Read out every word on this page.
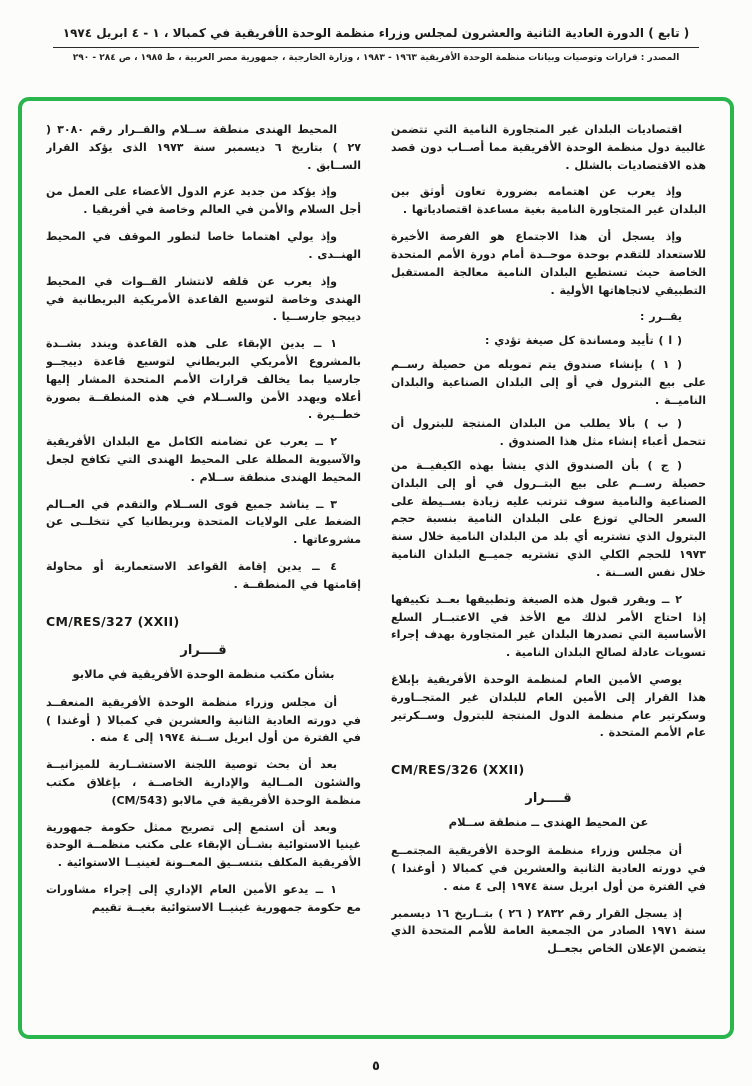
( تابع ) الدورة العادية الثانية والعشرون لمجلس وزراء منظمة الوحدة الأفريقية في كمبالا ، ١ - ٤ ابريل ١٩٧٤
المصدر : قرارات وتوصيات وبيانات منظمة الوحدة الأفريقية ١٩٦٣ - ١٩٨٣ ، وزارة الخارجية ، جمهورية مصر العربية ، ط ١٩٨٥ ، ص ٢٨٤ - ٢٩٠

اقتصاديات البلدان غير المتجاورة النامية التي تتضمن غالبية دول منظمة الوحدة الأفريقية مما أصــاب دون قصد هذه الاقتصاديات بالشلل .

وإذ يعرب عن اهتمامه بضرورة تعاون أوثق بين البلدان غير المتجاورة النامية بغية مساعدة اقتصادياتها .

وإذ يسجل أن هذا الاجتماع هو الفرصة الأخيرة للاستعداد للتقدم بوحدة موحــدة أمام دورة الأمم المتحدة الخاصة حيث تستطيع البلدان النامية معالجة المستقبل التطبيقي لاتجاهاتها الأولية .

يقــرر :

( ا ) تأييد ومساندة كل صيغة تؤدي :

( ١ ) بإنشاء صندوق يتم تمويله من حصيلة رســم على بيع البترول في أو إلى البلدان الصناعية والبلدان الناميــة .

( ب ) بألا يطلب من البلدان المنتجة للبترول أن تتحمل أعباء إنشاء مثل هذا الصندوق .

( ج ) بأن الصندوق الذي ينشأ بهذه الكيفيــة من حصيلة رســم على بيع البتــرول في أو إلى البلدان الصناعية والنامية سوف تترتب عليه زيادة بســيطة على السعر الحالي توزع على البلدان النامية بنسبة حجم البترول الذي تشتريه أي بلد من البلدان النامية خلال سنة ١٩٧٣ للحجم الكلي الذي تشتريه جميــع البلدان النامية خلال نفس الســنة .

٢ ــ ويقرر قبول هذه الصيغة وتطبيقها بعــد تكييفها إذا احتاج الأمر لذلك مع الأخذ في الاعتبــار السلع الأساسية التي تصدرها البلدان غير المتجاورة بهدف إجراء تسويات عادلة لصالح البلدان النامية .

يوصي الأمين العام لمنظمة الوحدة الأفريقية بإبلاغ هذا القرار إلى الأمين العام للبلدان غير المتجــاورة وسكرتير عام منظمة الدول المنتجة للبترول وســكرتير عام الأمم المتحدة .

CM/RES/326 (XXII)
قــــرار
عن المحيط الهندى ــ منطقة ســلام

أن مجلس وزراء منظمة الوحدة الأفريقية المجتمــع في دورته العادية الثانية والعشرين في كمبالا ( أوغندا ) في الفترة من أول ابريل سنة ١٩٧٤ إلى ٤ منه .

إذ يسجل القرار رقم ٢٨٣٢ ( ٢٦ ) بتــاريخ ١٦ ديسمبر سنة ١٩٧١ الصادر من الجمعية العامة للأمم المتحدة الذي يتضمن الإعلان الخاص بجعــل

المحيط الهندى منطقة ســلام والقــرار رقم ٣٠٨٠ ( ٢٧ ) بتاريخ ٦ ديسمبر سنة ١٩٧٣ الذى يؤكد القرار الســابق .

وإذ يؤكد من جديد عزم الدول الأعضاء على العمل من أجل السلام والأمن في العالم وخاصة في أفريقيا .

وإذ يولي اهتماما خاصا لتطور الموقف في المحيط الهنــدى .

وإذ يعرب عن قلقه لانتشار القــوات في المحيط الهندى وخاصة لتوسيع القاعدة الأمريكية البريطانية في دييجو جارســيا .

١ ــ يدين الإبقاء على هذه القاعدة ويندد بشــدة بالمشروع الأمريكي البريطاني لتوسيع قاعدة دييجــو جارسيا بما يخالف قرارات الأمم المتحدة المشار إليها أعلاه ويهدد الأمن والســلام في هذه المنطقــة بصورة خطــيرة .

٢ ــ يعرب عن تضامنه الكامل مع البلدان الأفريقية والآسيوية المطلة على المحيط الهندى التي تكافح لجعل المحيط الهندى منطقة ســلام .

٣ ــ يناشد جميع قوى الســلام والتقدم في العــالم الضغط على الولايات المتحدة وبريطانيا كي تتخلــى عن مشروعاتها .

٤ ــ يدين إقامة القواعد الاستعمارية أو محاولة إقامتها في المنطقــة .

CM/RES/327 (XXII)
قــــرار
بشأن مكتب منظمة الوحدة الأفريقية في مالابو

أن مجلس وزراء منظمة الوحدة الأفريقية المنعقــد في دورته العادية الثانية والعشرين في كمبالا ( أوغندا ) في الفترة من أول ابريل ســنة ١٩٧٤ إلى ٤ منه .

بعد أن بحث توصية اللجنة الاستشــارية للميزانيــة والشئون المــالية والإدارية الخاصــة ، بإغلاق مكتب منظمة الوحدة الأفريقية في مالابو (CM/543)

وبعد أن استمع إلى تصريح ممثل حكومة جمهورية غينيا الاستوائية بشــأن الإبقاء على مكتب منظمــة الوحدة الأفريقية المكلف بتنســيق المعــونة لغينيــا الاستوائية .

١ ــ يدعو الأمين العام الإداري إلى إجراء مشاورات مع حكومة جمهورية غينيــا الاستوائية بغيــة تقييم

٥
